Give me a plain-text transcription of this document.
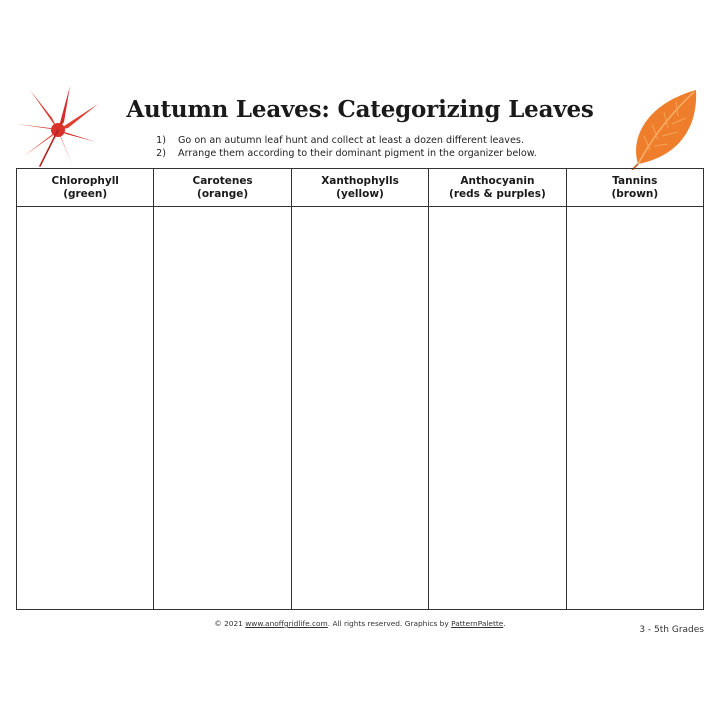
Autumn Leaves: Categorizing Leaves
1)	Go on an autumn leaf hunt and collect at least a dozen different leaves.
2)	Arrange them according to their dominant pigment in the organizer below.
Chlorophyll
(green)
Carotenes
(orange)
Xanthophylls
(yellow)
Anthocyanin
(reds & purples)
Tannins
(brown)
© 2021 www.anoffgridlife.com. All rights reserved. Graphics by PatternPalette.
3 - 5th Grades
